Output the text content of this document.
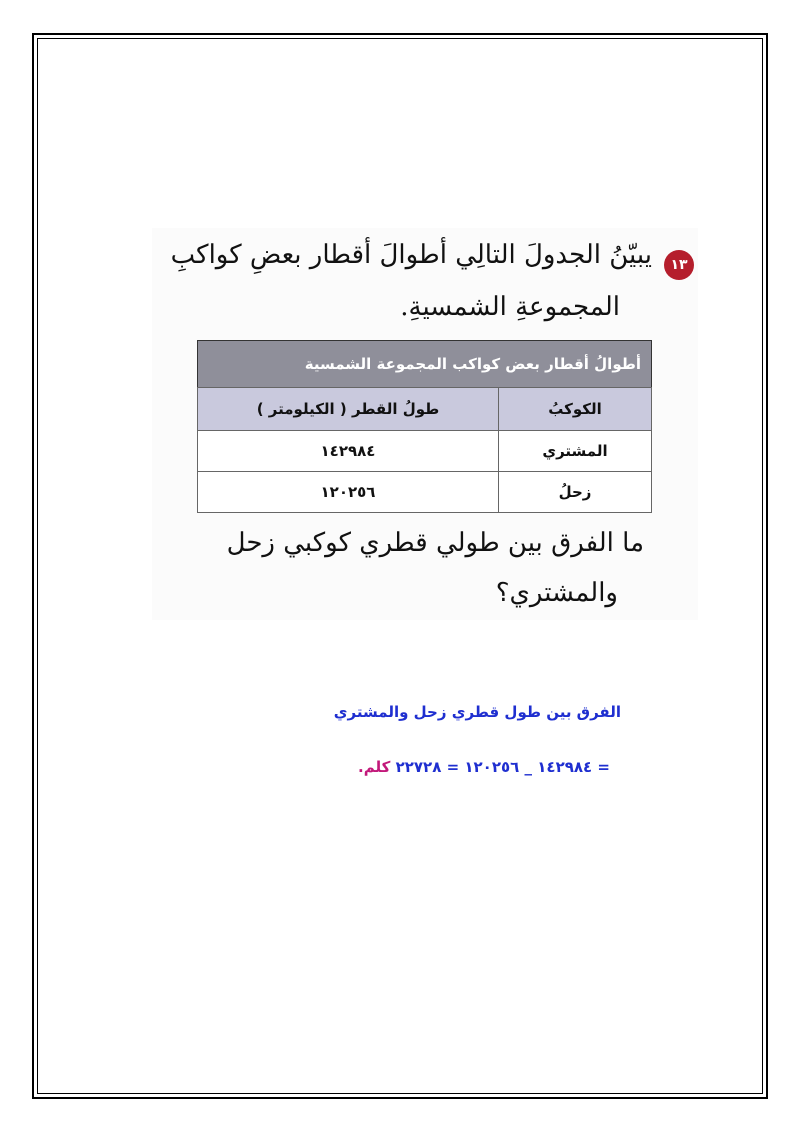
١٣
يبيّنُ الجدولَ التالِي أطوالَ أقطار بعضِ كواكبِ
المجموعةِ الشمسيةِ.
أطوالُ أقطار بعض كواكب المجموعة الشمسية	
الكوكبُ	طولُ القطر ( الكيلومتر )
المشتري	١٤٢٩٨٤
زحلُ	١٢٠٢٥٦
ما الفرق بين طولي قطري كوكبي زحل
والمشتري؟
الفرق بين طول قطري زحل والمشتري
= ١٤٢٩٨٤ _ ١٢٠٢٥٦ = ٢٢٧٢٨ كلم.
